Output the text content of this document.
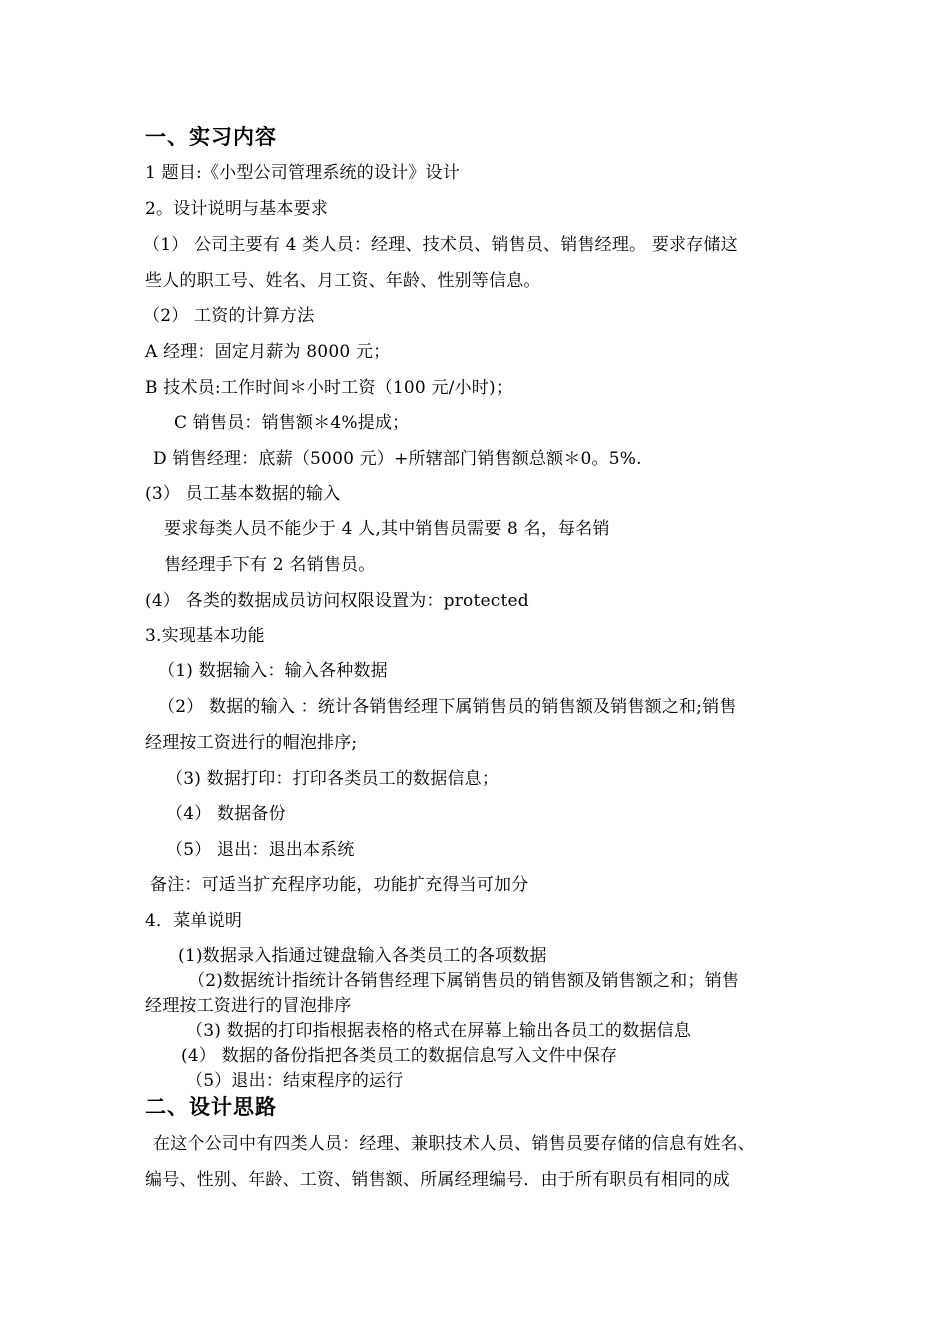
一、实习内容
1 题目:《小型公司管理系统的设计》设计
2。设计说明与基本要求
（1） 公司主要有 4 类人员：经理、技术员、销售员、销售经理。 要求存储这
些人的职工号、姓名、月工资、年龄、性别等信息。
（2） 工资的计算方法
A 经理：固定月薪为 8000 元；
B 技术员:工作时间＊小时工资（100 元/小时)；
C 销售员：销售额＊4%提成；
D 销售经理：底薪（5000 元）+所辖部门销售额总额＊0。5%.
(3） 员工基本数据的输入
要求每类人员不能少于 4 人,其中销售员需要 8 名，每名销
售经理手下有 2 名销售员。
(4） 各类的数据成员访问权限设置为：protected
3.实现基本功能
（1) 数据输入：输入各种数据
（2） 数据的输入 ：统计各销售经理下属销售员的销售额及销售额之和;销售
经理按工资进行的帽泡排序;
（3) 数据打印：打印各类员工的数据信息；
（4） 数据备份
（5） 退出：退出本系统
备注：可适当扩充程序功能，功能扩充得当可加分
4．菜单说明
(1)数据录入指通过键盘输入各类员工的各项数据
（2)数据统计指统计各销售经理下属销售员的销售额及销售额之和；销售
经理按工资进行的冒泡排序
（3) 数据的打印指根据表格的格式在屏幕上输出各员工的数据信息
(4） 数据的备份指把各类员工的数据信息写入文件中保存
（5）退出：结束程序的运行
二、设计思路
在这个公司中有四类人员：经理、兼职技术人员、销售员要存储的信息有姓名、
编号、性别、年龄、工资、销售额、所属经理编号．由于所有职员有相同的成
